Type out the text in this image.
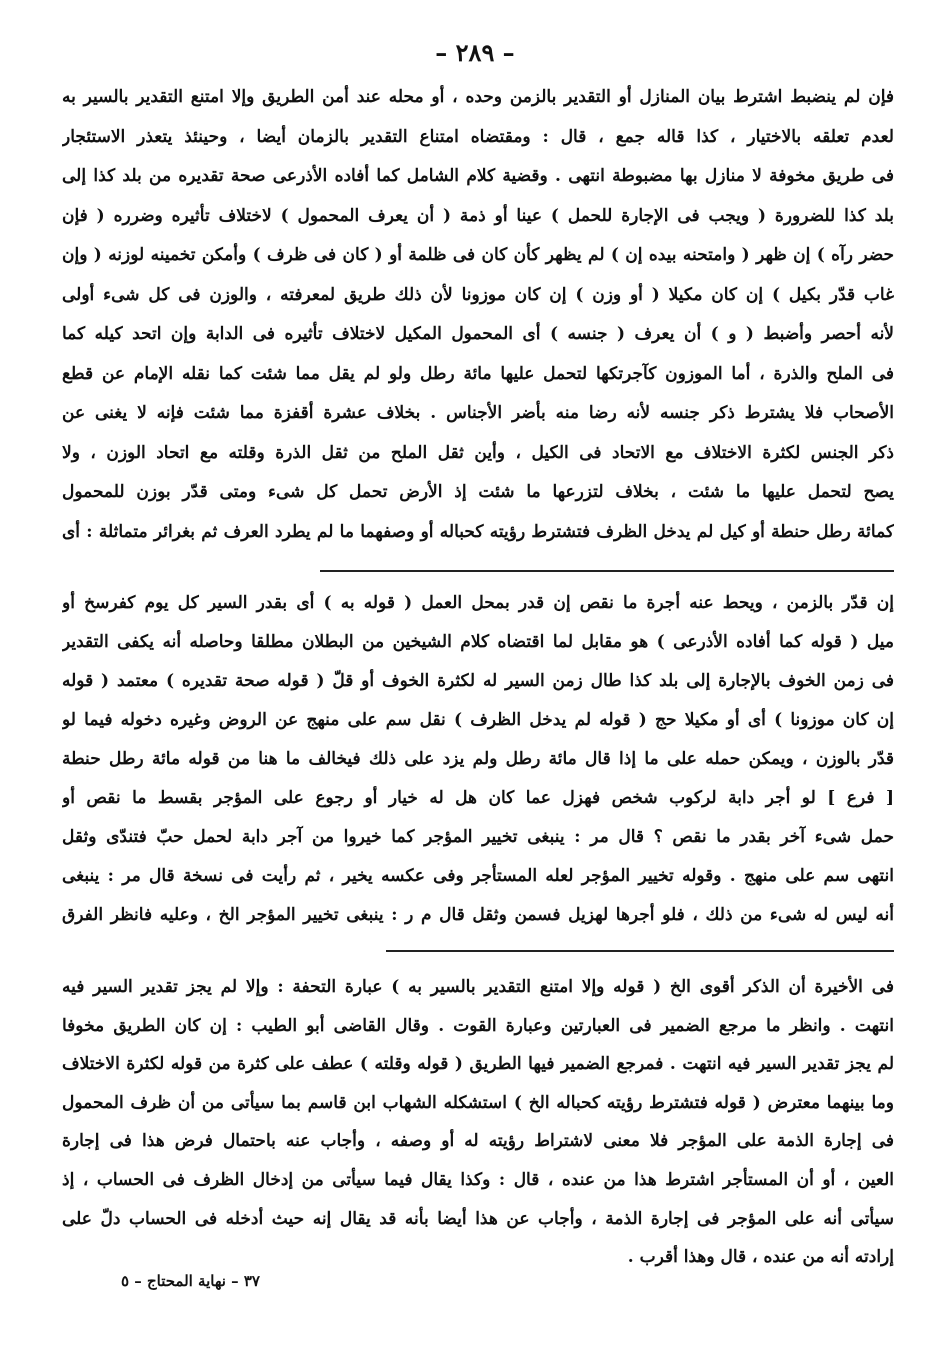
– ٢٨٩ –

فإن لم ينضبط اشترط بيان المنازل أو التقدير بالزمن وحده ، أو محله عند أمن الطريق وإلا امتنع التقدير بالسير به
لعدم تعلقه بالاختيار ، كذا قاله جمع ، قال : ومقتضاه امتناع التقدير بالزمان أيضا ، وحينئذ يتعذر الاستئجار
فى طريق مخوفة لا منازل بها مضبوطة انتهى . وقضية كلام الشامل كما أفاده الأذرعى صحة تقديره من بلد كذا إلى
بلد كذا للضرورة ( ويجب فى الإجارة للحمل ) عينا أو ذمة ( أن يعرف المحمول ) لاختلاف تأثيره وضرره ( فإن
حضر رآه ) إن ظهر ( وامتحنه بيده إن ) لم يظهر كأن كان فى ظلمة أو ( كان فى ظرف ) وأمكن تخمينه لوزنه ( وإن
غاب قدّر بكيل ) إن كان مكيلا ( أو وزن ) إن كان موزونا لأن ذلك طريق لمعرفته ، والوزن فى كل شىء أولى
لأنه أحصر وأضبط ( و ) أن يعرف ( جنسه ) أى المحمول المكيل لاختلاف تأثيره فى الدابة وإن اتحد كيله كما
فى الملح والذرة ، أما الموزون كآجرتكها لتحمل عليها مائة رطل ولو لم يقل مما شئت كما نقله الإمام عن قطع
الأصحاب فلا يشترط ذكر جنسه لأنه رضا منه بأضر الأجناس . بخلاف عشرة أقفزة مما شئت فإنه لا يغنى عن
ذكر الجنس لكثرة الاختلاف مع الاتحاد فى الكيل ، وأين ثقل الملح من ثقل الذرة وقلته مع اتحاد الوزن ، ولا
يصح لتحمل عليها ما شئت ، بخلاف لتزرعها ما شئت إذ الأرض تحمل كل شىء ومتى قدّر بوزن للمحمول
كمائة رطل حنطة أو كيل لم يدخل الظرف فتشترط رؤيته كحباله أو وصفهما ما لم يطرد العرف ثم بغرائر متماثلة : أى

إن قدّر بالزمن ، ويحط عنه أجرة ما نقص إن قدر بمحل العمل ( قوله به ) أى بقدر السير كل يوم كفرسخ أو
ميل ( قوله كما أفاده الأذرعى ) هو مقابل لما اقتضاه كلام الشيخين من البطلان مطلقا وحاصله أنه يكفى التقدير
فى زمن الخوف بالإجارة إلى بلد كذا طال زمن السير له لكثرة الخوف أو قلّ ( قوله صحة تقديره ) معتمد ( قوله
إن كان موزونا ) أى أو مكيلا حج ( قوله لم يدخل الظرف ) نقل سم على منهج عن الروض وغيره دخوله فيما لو
قدّر بالوزن ، ويمكن حمله على ما إذا قال مائة رطل ولم يزد على ذلك فيخالف ما هنا من قوله مائة رطل حنطة
[ فرع ] لو أجر دابة لركوب شخص فهزل عما كان هل له خيار أو رجوع على المؤجر بقسط ما نقص أو
حمل شىء آخر بقدر ما نقص ؟ قال مر : ينبغى تخيير المؤجر كما خيروا من آجر دابة لحمل حبّ فتندّى وثقل
انتهى سم على منهج . وقوله تخيير المؤجر لعله المستأجر وفى عكسه يخير ، ثم رأيت فى نسخة قال مر : ينبغى
أنه ليس له شىء من ذلك ، فلو أجرها لهزيل فسمن وثقل قال م ر : ينبغى تخيير المؤجر الخ ، وعليه فانظر الفرق

فى الأخيرة أن الذكر أقوى الخ ( قوله وإلا امتنع التقدير بالسير به ) عبارة التحفة : وإلا لم يجز تقدير السير فيه
انتهت . وانظر ما مرجع الضمير فى العبارتين وعبارة القوت . وقال القاضى أبو الطيب : إن كان الطريق مخوفا
لم يجز تقدير السير فيه انتهت . فمرجع الضمير فيها الطريق ( قوله وقلته ) عطف على كثرة من قوله لكثرة الاختلاف
وما بينهما معترض ( قوله فتشترط رؤيته كحباله الخ ) استشكله الشهاب ابن قاسم بما سيأتى من أن ظرف المحمول
فى إجارة الذمة على المؤجر فلا معنى لاشتراط رؤيته له أو وصفه ، وأجاب عنه باحتمال فرض هذا فى إجارة
العين ، أو أن المستأجر اشترط هذا من عنده ، قال : وكذا يقال فيما سيأتى من إدخال الظرف فى الحساب ، إذ
سيأتى أنه على المؤجر فى إجارة الذمة ، وأجاب عن هذا أيضا بأنه قد يقال إنه حيث أدخله فى الحساب دلّ على
إرادته أنه من عنده ، قال وهذا أقرب .

٣٧ – نهاية المحتاج – ٥
